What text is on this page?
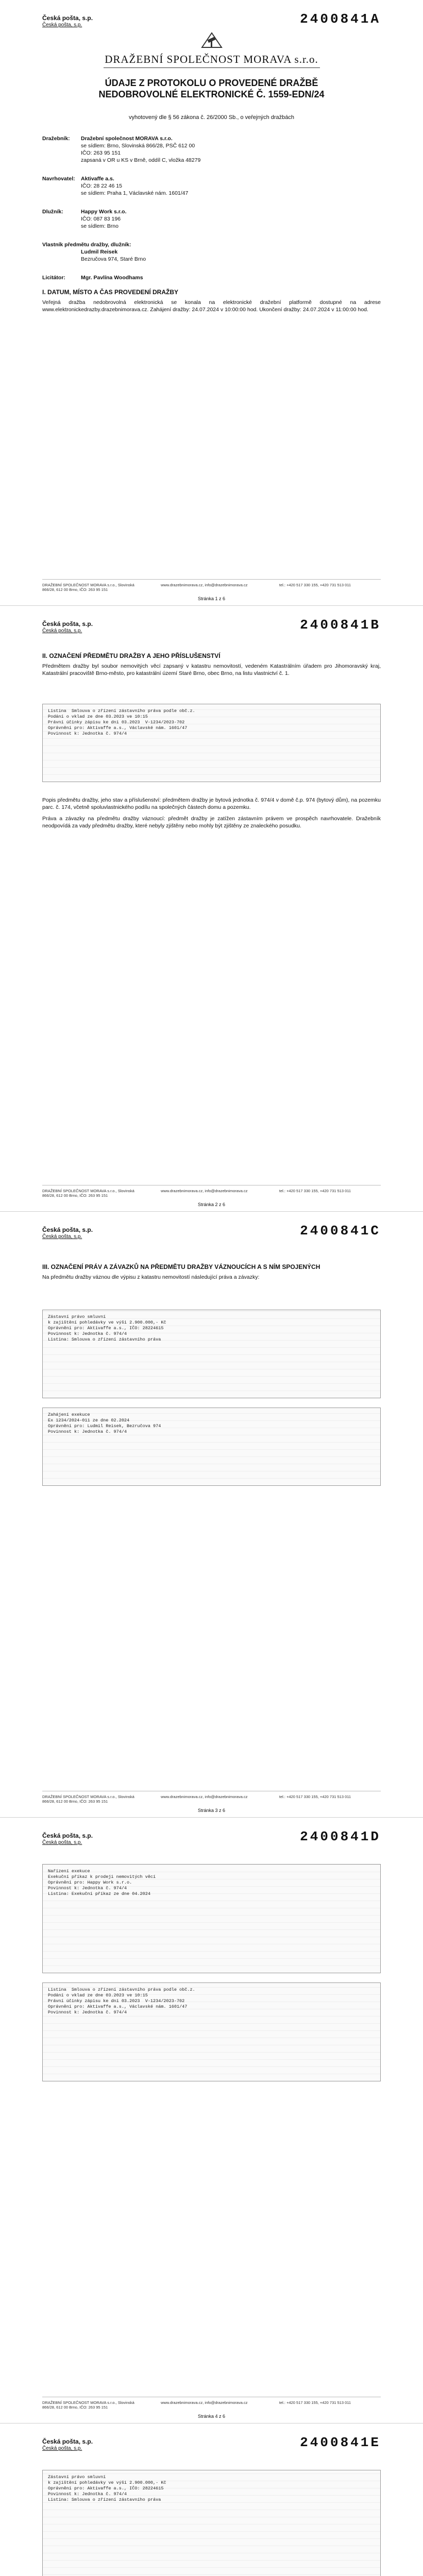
Česká pošta, s.p.
Česká pošta, s.p.	2400841A
DRAŽEBNÍ SPOLEČNOST MORAVA s.r.o.
ÚDAJE Z PROTOKOLU O PROVEDENÉ DRAŽBĚ
NEDOBROVOLNÉ ELEKTRONICKÉ Č. 1559-EDN/24
vyhotovený dle § 56 zákona č. 26/2000 Sb., o veřejných dražbách
Dražebník:	Dražební společnost MORAVA s.r.o.
se sídlem: Brno, Slovinská 866/28, PSČ 612 00
IČO: 263 95 151
zapsaná v OR u KS v Brně, oddíl C, vložka 48279
Navrhovatel:	Aktivaffe a.s.
IČO: 28 22 46 15
se sídlem: Praha 1, Václavské nám. 1601/47
Dlužník:	Happy Work s.r.o.
IČO: 087 83 196
se sídlem: Brno
Vlastník předmětu dražby, dlužník:
Ludmil Reisek
Bezručova 974, Staré Brno
Licitátor:	Mgr. Pavlína Woodhams
I. DATUM, MÍSTO A ČAS PROVEDENÍ DRAŽBY
Veřejná dražba nedobrovolná elektronická se konala na elektronické dražební platformě dostupné na adrese www.elektronickedrazby.drazebnimorava.cz. Zahájení dražby: 24.07.2024 v 10:00:00 hod. Ukončení dražby: 24.07.2024 v 11:00:00 hod.
DRAŽEBNÍ SPOLEČNOST MORAVA s.r.o., Slovinská 866/28, 612 00 Brno, IČO: 263 95 151
www.drazebnimorava.cz, info@drazebnimorava.cz	tel.: +420 517 330 155, +420 731 513 011
Stránka 1 z 6
Česká pošta, s.p.
Česká pošta, s.p.	2400841B
II. OZNAČENÍ PŘEDMĚTU DRAŽBY A JEHO PŘÍSLUŠENSTVÍ
Předmětem dražby byl soubor nemovitých věcí zapsaný v katastru nemovitostí, vedeném Katastrálním úřadem pro Jihomoravský kraj, Katastrální pracoviště Brno-město, pro katastrální území Staré Brno, obec Brno, na listu vlastnictví č. 1.
Listina  Smlouva o zřízení zástavního práva podle obč.z.
Podání o vklad ze dne 03.2023 ve 10:15
Právní účinky zápisu ke dni 03.2023  V-1234/2023-702
Oprávnění pro: Aktivaffe a.s., Václavské nám. 1601/47
Povinnost k: Jednotka č. 974/4
Popis předmětu dražby, jeho stav a příslušenství: předmětem dražby je bytová jednotka č. 974/4 v domě č.p. 974 (bytový dům), na pozemku parc. č. 174, včetně spoluvlastnického podílu na společných částech domu a pozemku.
Práva a závazky na předmětu dražby váznoucí: předmět dražby je zatížen zástavním právem ve prospěch navrhovatele. Dražebník neodpovídá za vady předmětu dražby, které nebyly zjištěny nebo mohly být zjištěny ze znaleckého posudku.
DRAŽEBNÍ SPOLEČNOST MORAVA s.r.o., Slovinská 866/28, 612 00 Brno, IČO: 263 95 151
www.drazebnimorava.cz, info@drazebnimorava.cz	tel.: +420 517 330 155, +420 731 513 011
Stránka 2 z 6
Česká pošta, s.p.
Česká pošta, s.p.	2400841C
III. OZNAČENÍ PRÁV A ZÁVAZKŮ NA PŘEDMĚTU DRAŽBY VÁZNOUCÍCH A S NÍM SPOJENÝCH
Na předmětu dražby váznou dle výpisu z katastru nemovitostí následující práva a závazky:
Zástavní právo smluvní
k zajištění pohledávky ve výši 2.900.000,- Kč
Oprávnění pro: Aktivaffe a.s., IČO: 28224615
Povinnost k: Jednotka č. 974/4
Listina: Smlouva o zřízení zástavního práva
Zahájení exekuce
Ex 1234/2024-011 ze dne 02.2024
Oprávnění pro: Ludmil Reisek, Bezručova 974
Povinnost k: Jednotka č. 974/4
DRAŽEBNÍ SPOLEČNOST MORAVA s.r.o., Slovinská 866/28, 612 00 Brno, IČO: 263 95 151
www.drazebnimorava.cz, info@drazebnimorava.cz	tel.: +420 517 330 155, +420 731 513 011
Stránka 3 z 6
Česká pošta, s.p.
Česká pošta, s.p.	2400841D
Nařízení exekuce
Exekuční příkaz k prodeji nemovitých věcí
Oprávnění pro: Happy Work s.r.o.
Povinnost k: Jednotka č. 974/4
Listina: Exekuční příkaz ze dne 04.2024
Listina  Smlouva o zřízení zástavního práva podle obč.z.
Podání o vklad ze dne 03.2023 ve 10:15
Právní účinky zápisu ke dni 03.2023  V-1234/2023-702
Oprávnění pro: Aktivaffe a.s., Václavské nám. 1601/47
Povinnost k: Jednotka č. 974/4
DRAŽEBNÍ SPOLEČNOST MORAVA s.r.o., Slovinská 866/28, 612 00 Brno, IČO: 263 95 151
www.drazebnimorava.cz, info@drazebnimorava.cz	tel.: +420 517 330 155, +420 731 513 011
Stránka 4 z 6
Česká pošta, s.p.
Česká pošta, s.p.	2400841E
Zástavní právo smluvní
k zajištění pohledávky ve výši 2.900.000,- Kč
Oprávnění pro: Aktivaffe a.s., IČO: 28224615
Povinnost k: Jednotka č. 974/4
Listina: Smlouva o zřízení zástavního práva
